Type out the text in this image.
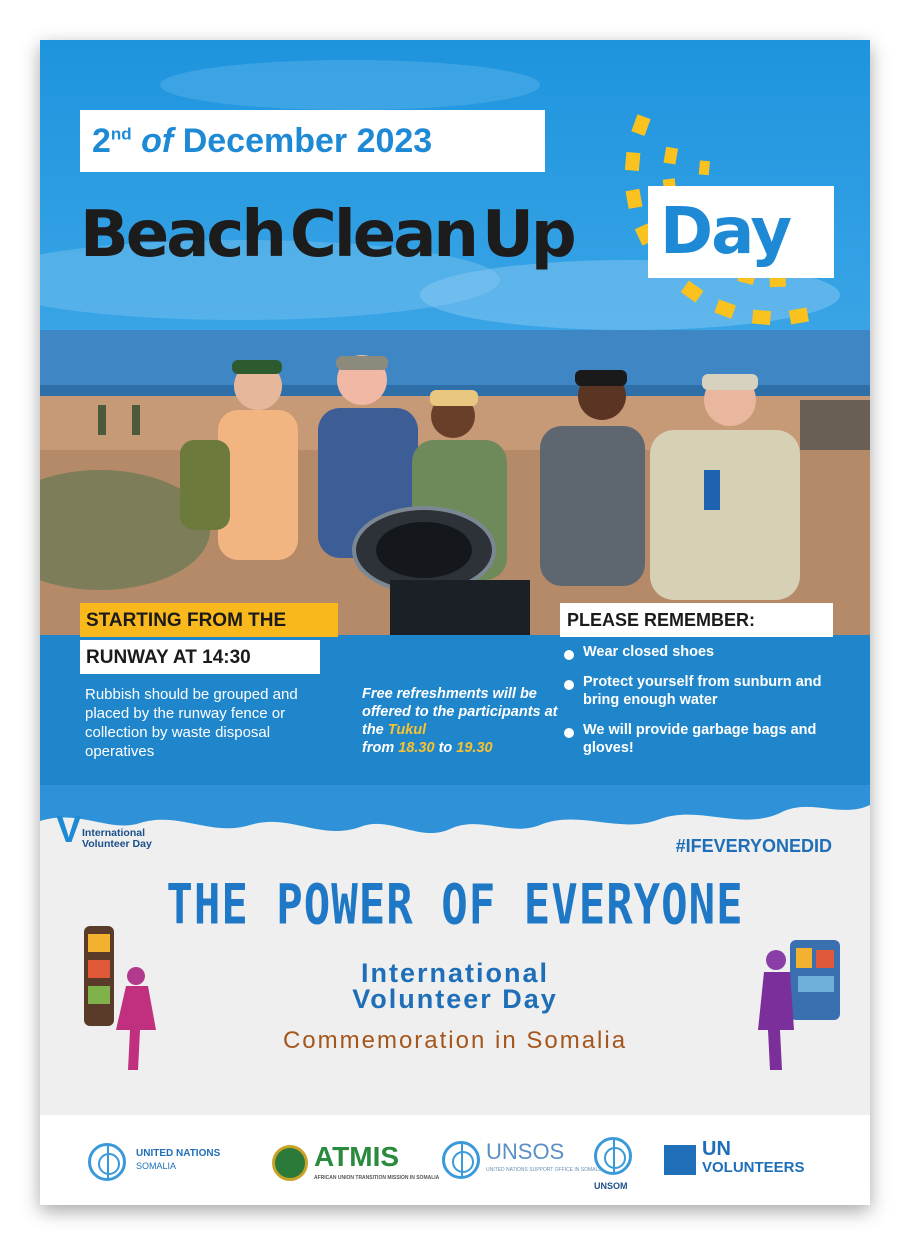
2nd of December 2023
BeachCleanUp Day
STARTING FROM THE
RUNWAY AT 14:30
Rubbish should be grouped and placed by the runway fence or collection by waste disposal operatives
Free refreshments will be offered to the participants at the Tukul
from 18.30 to 19.30
PLEASE REMEMBER:
Wear closed shoes
Protect yourself from sunburn and bring enough water
We will provide garbage bags and gloves!
V International Volunteer Day	#IFEVERYONEDID
THE POWER OF EVERYONE
International
Volunteer Day
Commemoration in Somalia
UNITED NATIONS
SOMALIA	ATMIS
AFRICAN UNION TRANSITION MISSION IN SOMALIA
UNSOS
UNITED NATIONS SUPPORT OFFICE IN SOMALIA
UNSOM
UN
VOLUNTEERS
